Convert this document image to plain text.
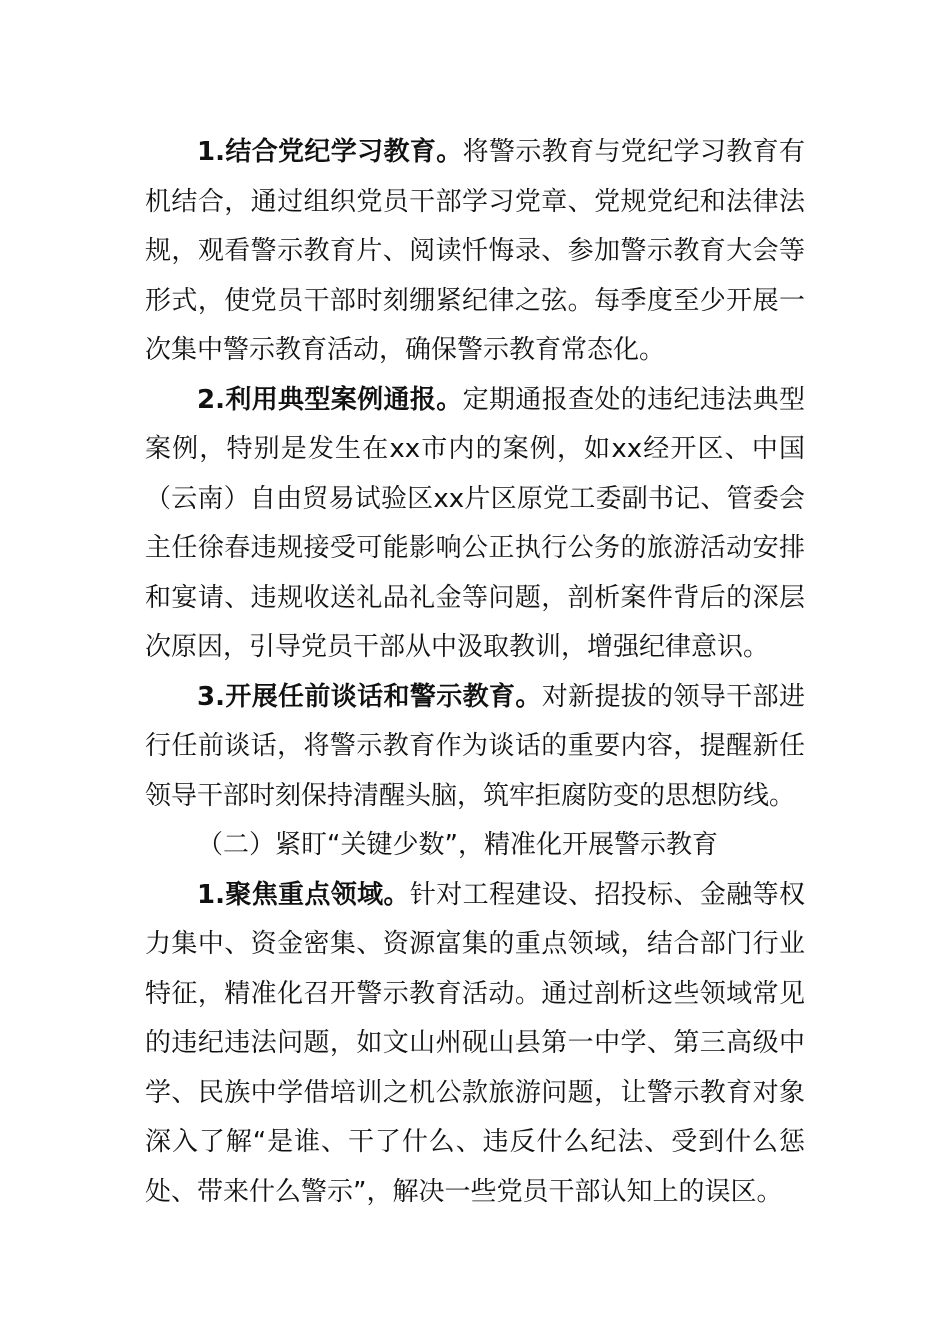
1.结合党纪学习教育。将警示教育与党纪学习教育有机结合，通过组织党员干部学习党章、党规党纪和法律法规，观看警示教育片、阅读忏悔录、参加警示教育大会等形式，使党员干部时刻绷紧纪律之弦。每季度至少开展一次集中警示教育活动，确保警示教育常态化。

2.利用典型案例通报。定期通报查处的违纪违法典型案例，特别是发生在xx市内的案例，如xx经开区、中国（云南）自由贸易试验区xx片区原党工委副书记、管委会主任徐春违规接受可能影响公正执行公务的旅游活动安排和宴请、违规收送礼品礼金等问题，剖析案件背后的深层次原因，引导党员干部从中汲取教训，增强纪律意识。

3.开展任前谈话和警示教育。对新提拔的领导干部进行任前谈话，将警示教育作为谈话的重要内容，提醒新任领导干部时刻保持清醒头脑，筑牢拒腐防变的思想防线。

（二）紧盯“关键少数”，精准化开展警示教育

1.聚焦重点领域。针对工程建设、招投标、金融等权力集中、资金密集、资源富集的重点领域，结合部门行业特征，精准化召开警示教育活动。通过剖析这些领域常见的违纪违法问题，如文山州砚山县第一中学、第三高级中学、民族中学借培训之机公款旅游问题，让警示教育对象深入了解“是谁、干了什么、违反什么纪法、受到什么惩处、带来什么警示”，解决一些党员干部认知上的误区。
